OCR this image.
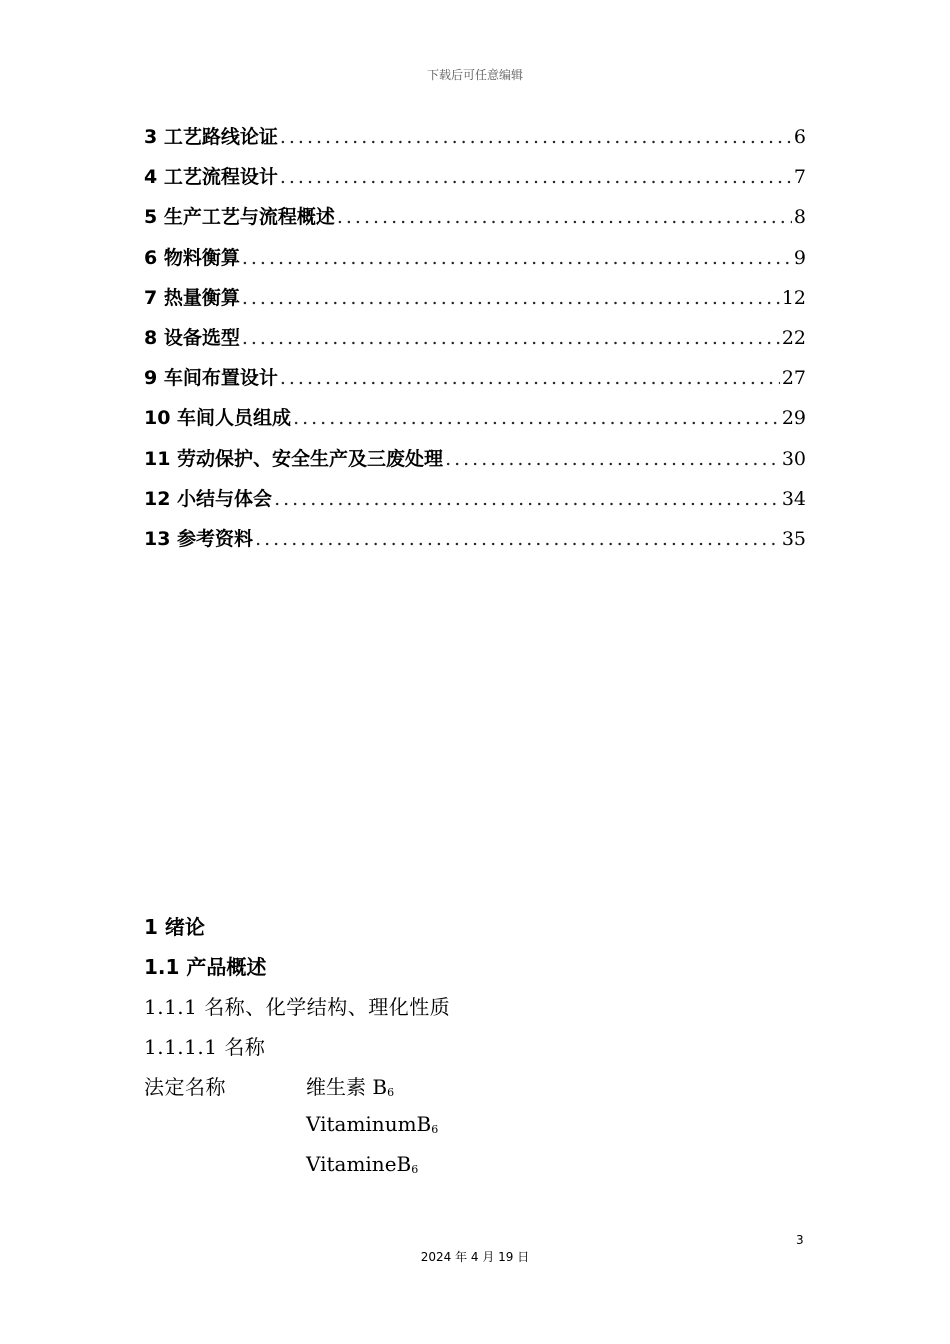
下载后可任意编辑
3 工艺路线论证 .....	6
4 工艺流程设计 .....	7
5 生产工艺与流程概述 .....	8
6 物料衡算 .....	9
7 热量衡算 .....	12
8 设备选型 .....	22
9 车间布置设计 .....	27
10 车间人员组成 .....	29
11 劳动保护、安全生产及三废处理 .....	30
12 小结与体会 .....	34
13 参考资料 .....	35
1 绪论
1.1 产品概述
1.1.1 名称、化学结构、理化性质
1.1.1.1 名称
法定名称	维生素 $B_6$
VitaminumB$_6$
VitamineB$_6$
3
2024 年 4 月 19 日
